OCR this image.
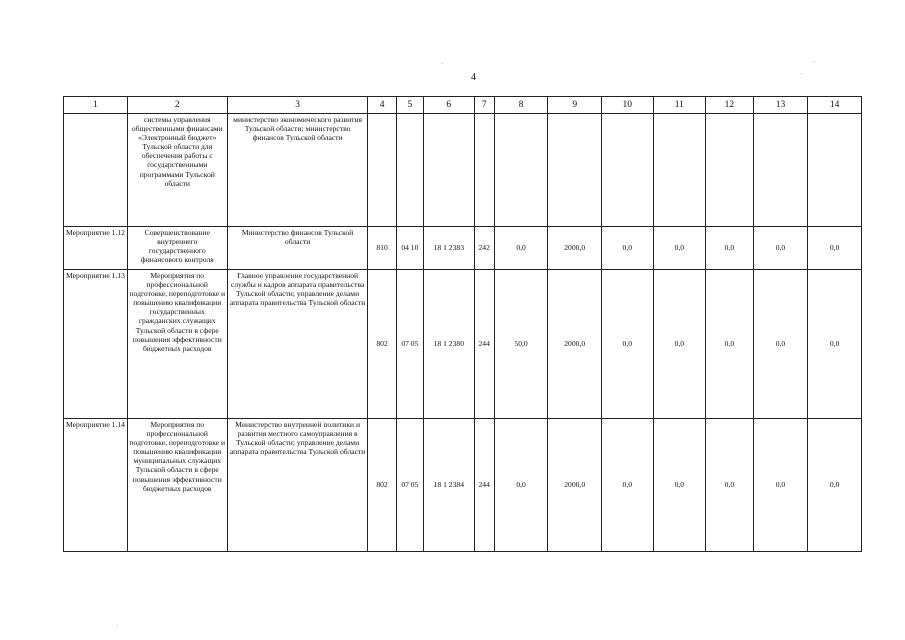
4
·
·
·
·
1	2	3	4	5	6	7	8	9	10	11	12	13	14
	системы управления общественными финансами «Электронный бюджет» Тульской области для обеспечения работы с государственными программами Тульской области	министерство экономического развития Тульской области; министерство финансов Тульской области											
Мероприятие 1.12	Совершенствование внутреннего государственного финансового контроля	Министерство финансов Тульской области	810	04 10	18 1 2383	242	0,0	2000,0	0,0	0,0	0,0	0,0	0,0
Мероприятие 1.13	Мероприятия по профессиональной подготовке, переподготовке и повышению квалификации государственных гражданских служащих Тульской области в сфере повышения эффективности бюджетных расходов	Главное управление государственной службы и кадров аппарата правительства Тульской области; управление делами аппарата правительства Тульской области	802	07 05	18 1 2380	244	50,0	2000,0	0,0	0,0	0,0	0,0	0,0
Мероприятие 1.14	Мероприятия по профессиональной подготовке, переподготовке и повышению квалификации муниципальных служащих Тульской области в сфере повышения эффективности бюджетных расходов	Министерство внутренней политики и развития местного самоуправления в Тульской области; управление делами аппарата правительства Тульской области	802	07 05	18 1 2384	244	0,0	2000,0	0,0	0,0	0,0	0,0	0,0
